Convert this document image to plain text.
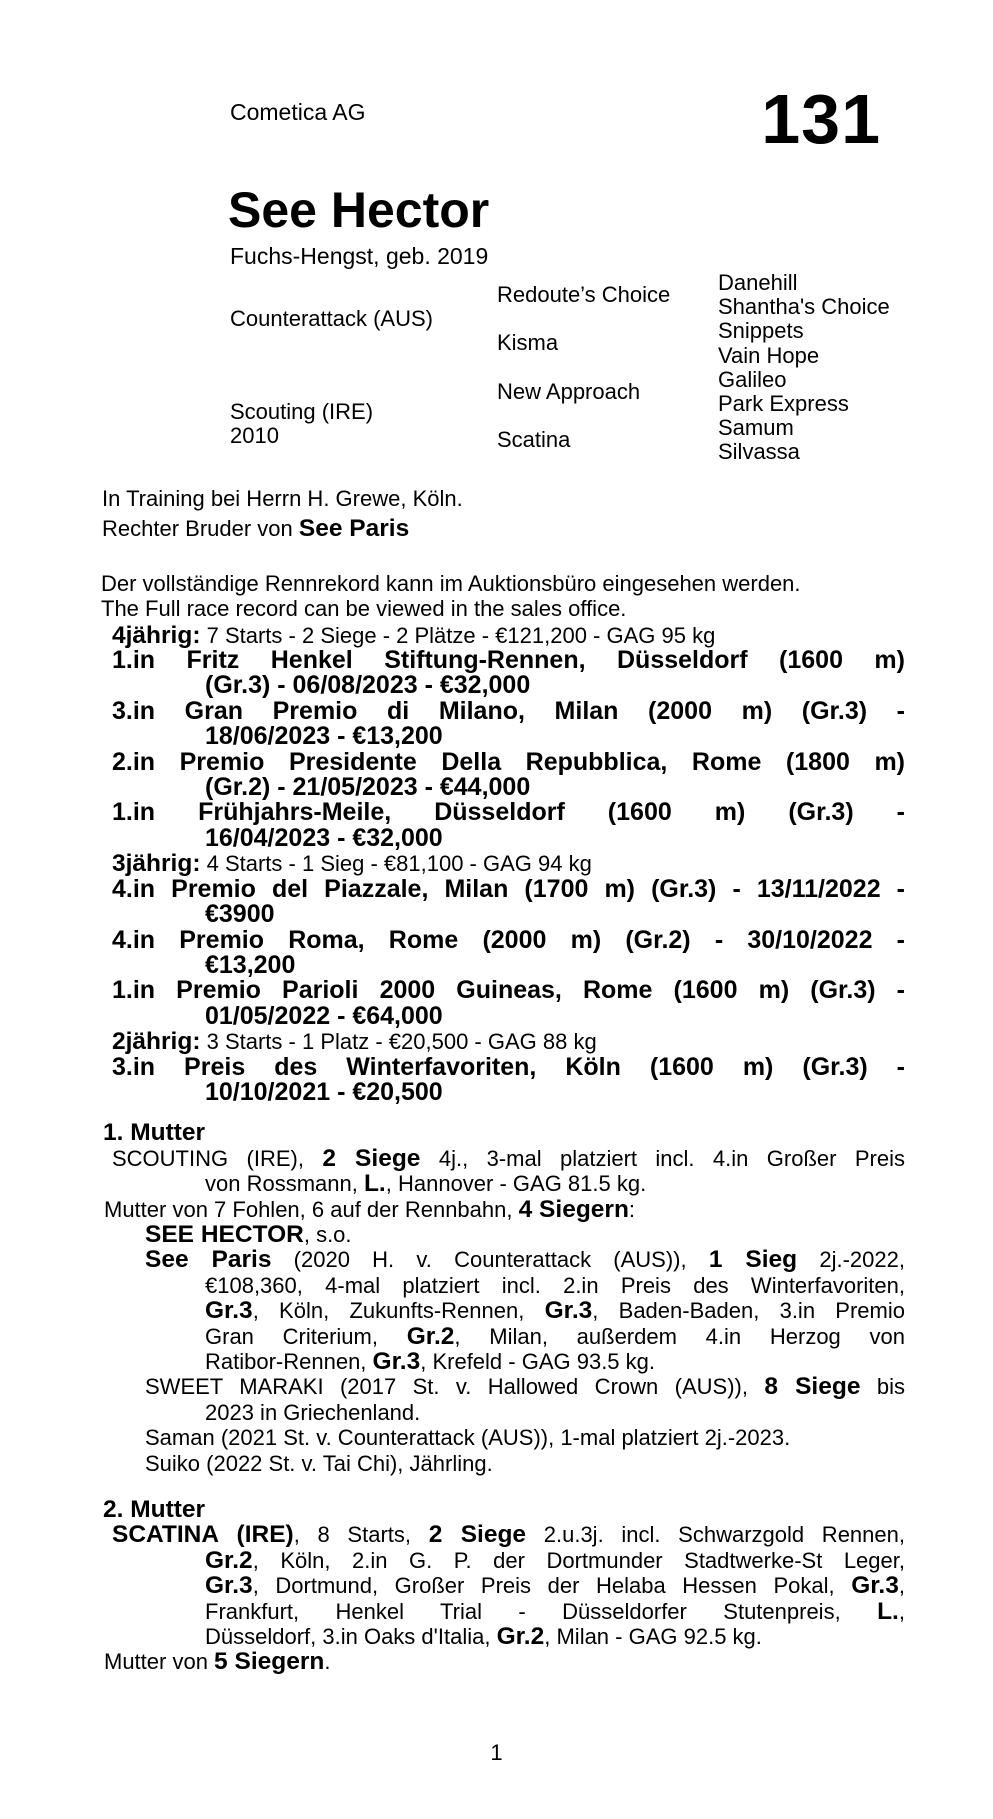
Cometica AG	131
See Hector
Fuchs-Hengst, geb. 2019
Counterattack (AUS)
Scouting (IRE)
2010
Redoute’s Choice
Kisma
New Approach
Scatina
Danehill
Shantha's Choice
Snippets
Vain Hope
Galileo
Park Express
Samum
Silvassa
In Training bei Herrn H. Grewe, Köln.
Rechter Bruder von See Paris
Der vollständige Rennrekord kann im Auktionsbüro eingesehen werden.
The Full race record can be viewed in the sales office.
4jährig: 7 Starts - 2 Siege - 2 Plätze - €121,200 - GAG 95 kg
1.in Fritz Henkel Stiftung-Rennen, Düsseldorf (1600 m)
(Gr.3) - 06/08/2023 - €32,000
3.in Gran Premio di Milano, Milan (2000 m) (Gr.3) -
18/06/2023 - €13,200
2.in Premio Presidente Della Repubblica, Rome (1800 m)
(Gr.2) - 21/05/2023 - €44,000
1.in Frühjahrs-Meile, Düsseldorf (1600 m) (Gr.3) -
16/04/2023 - €32,000
3jährig: 4 Starts - 1 Sieg - €81,100 - GAG 94 kg
4.in Premio del Piazzale, Milan (1700 m) (Gr.3) - 13/11/2022 -
€3900
4.in Premio Roma, Rome (2000 m) (Gr.2) - 30/10/2022 -
€13,200
1.in Premio Parioli 2000 Guineas, Rome (1600 m) (Gr.3) -
01/05/2022 - €64,000
2jährig: 3 Starts - 1 Platz - €20,500 - GAG 88 kg
3.in Preis des Winterfavoriten, Köln (1600 m) (Gr.3) -
10/10/2021 - €20,500
1. Mutter
SCOUTING (IRE), 2 Siege 4j., 3-mal platziert incl. 4.in Großer Preis
von Rossmann, L., Hannover - GAG 81.5 kg.
Mutter von 7 Fohlen, 6 auf der Rennbahn, 4 Siegern:
SEE HECTOR, s.o.
See Paris (2020 H. v. Counterattack (AUS)), 1 Sieg 2j.-2022,
€108,360, 4-mal platziert incl. 2.in Preis des Winterfavoriten,
Gr.3, Köln, Zukunfts-Rennen, Gr.3, Baden-Baden, 3.in Premio
Gran Criterium, Gr.2, Milan, außerdem 4.in Herzog von
Ratibor-Rennen, Gr.3, Krefeld - GAG 93.5 kg.
SWEET MARAKI (2017 St. v. Hallowed Crown (AUS)), 8 Siege bis
2023 in Griechenland.
Saman (2021 St. v. Counterattack (AUS)), 1-mal platziert 2j.-2023.
Suiko (2022 St. v. Tai Chi), Jährling.
2. Mutter
SCATINA (IRE), 8 Starts, 2 Siege 2.u.3j. incl. Schwarzgold Rennen,
Gr.2, Köln, 2.in G. P. der Dortmunder Stadtwerke-St Leger,
Gr.3, Dortmund, Großer Preis der Helaba Hessen Pokal, Gr.3,
Frankfurt, Henkel Trial - Düsseldorfer Stutenpreis, L.,
Düsseldorf, 3.in Oaks d'Italia, Gr.2, Milan - GAG 92.5 kg.
Mutter von 5 Siegern.
1
